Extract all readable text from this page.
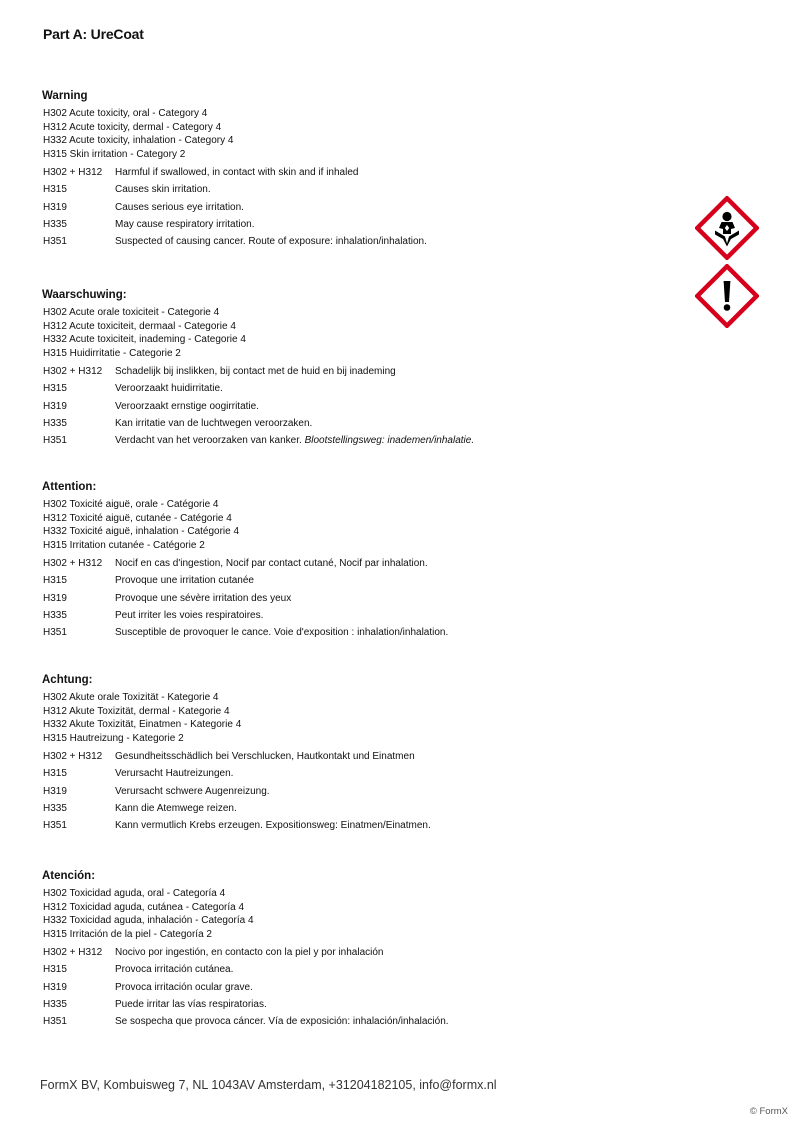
Part A: UreCoat
Warning
H302 Acute toxicity, oral - Category 4
H312 Acute toxicity, dermal - Category 4
H332 Acute toxicity, inhalation - Category 4
H315 Skin irritation - Category 2
H302 + H312	Harmful if swallowed, in contact with skin and if inhaled
H315	Causes skin irritation.
H319	Causes serious eye irritation.
H335	May cause respiratory irritation.
H351	Suspected of causing cancer. Route of exposure: inhalation/inhalation.
Waarschuwing:
H302 Acute orale toxiciteit - Categorie 4
H312 Acute toxiciteit, dermaal - Categorie 4
H332 Acute toxiciteit, inademing - Categorie 4
H315 Huidirritatie - Categorie 2
H302 + H312	Schadelijk bij inslikken, bij contact met de huid en bij inademing
H315	Veroorzaakt huidirritatie.
H319	Veroorzaakt ernstige oogirritatie.
H335	Kan irritatie van de luchtwegen veroorzaken.
H351	Verdacht van het veroorzaken van kanker. Blootstellingsweg: inademen/inhalatie.
Attention:
H302 Toxicité aiguë, orale - Catégorie 4
H312 Toxicité aiguë, cutanée - Catégorie 4
H332 Toxicité aiguë, inhalation - Catégorie 4
H315 Irritation cutanée - Catégorie 2
H302 + H312	Nocif en cas d'ingestion, Nocif par contact cutané, Nocif par inhalation.
H315	Provoque une irritation cutanée
H319	Provoque une sévère irritation des yeux
H335	Peut irriter les voies respiratoires.
H351	Susceptible de provoquer le cance. Voie d'exposition : inhalation/inhalation.
Achtung:
H302 Akute orale Toxizität - Kategorie 4
H312 Akute Toxizität, dermal - Kategorie 4
H332 Akute Toxizität, Einatmen - Kategorie 4
H315 Hautreizung - Kategorie 2
H302 + H312	Gesundheitsschädlich bei Verschlucken, Hautkontakt und Einatmen
H315	Verursacht Hautreizungen.
H319	Verursacht schwere Augenreizung.
H335	Kann die Atemwege reizen.
H351	Kann vermutlich Krebs erzeugen. Expositionsweg: Einatmen/Einatmen.
Atención:
H302 Toxicidad aguda, oral - Categoría 4
H312 Toxicidad aguda, cutánea - Categoría 4
H332 Toxicidad aguda, inhalación - Categoría 4
H315 Irritación de la piel - Categoría 2
H302 + H312	Nocivo por ingestión, en contacto con la piel y por inhalación
H315	Provoca irritación cutánea.
H319	Provoca irritación ocular grave.
H335	Puede irritar las vías respiratorias.
H351	Se sospecha que provoca cáncer. Vía de exposición: inhalación/inhalación.
FormX BV, Kombuisweg 7, NL 1043AV Amsterdam, +31204182105, info@formx.nl
© FormX
